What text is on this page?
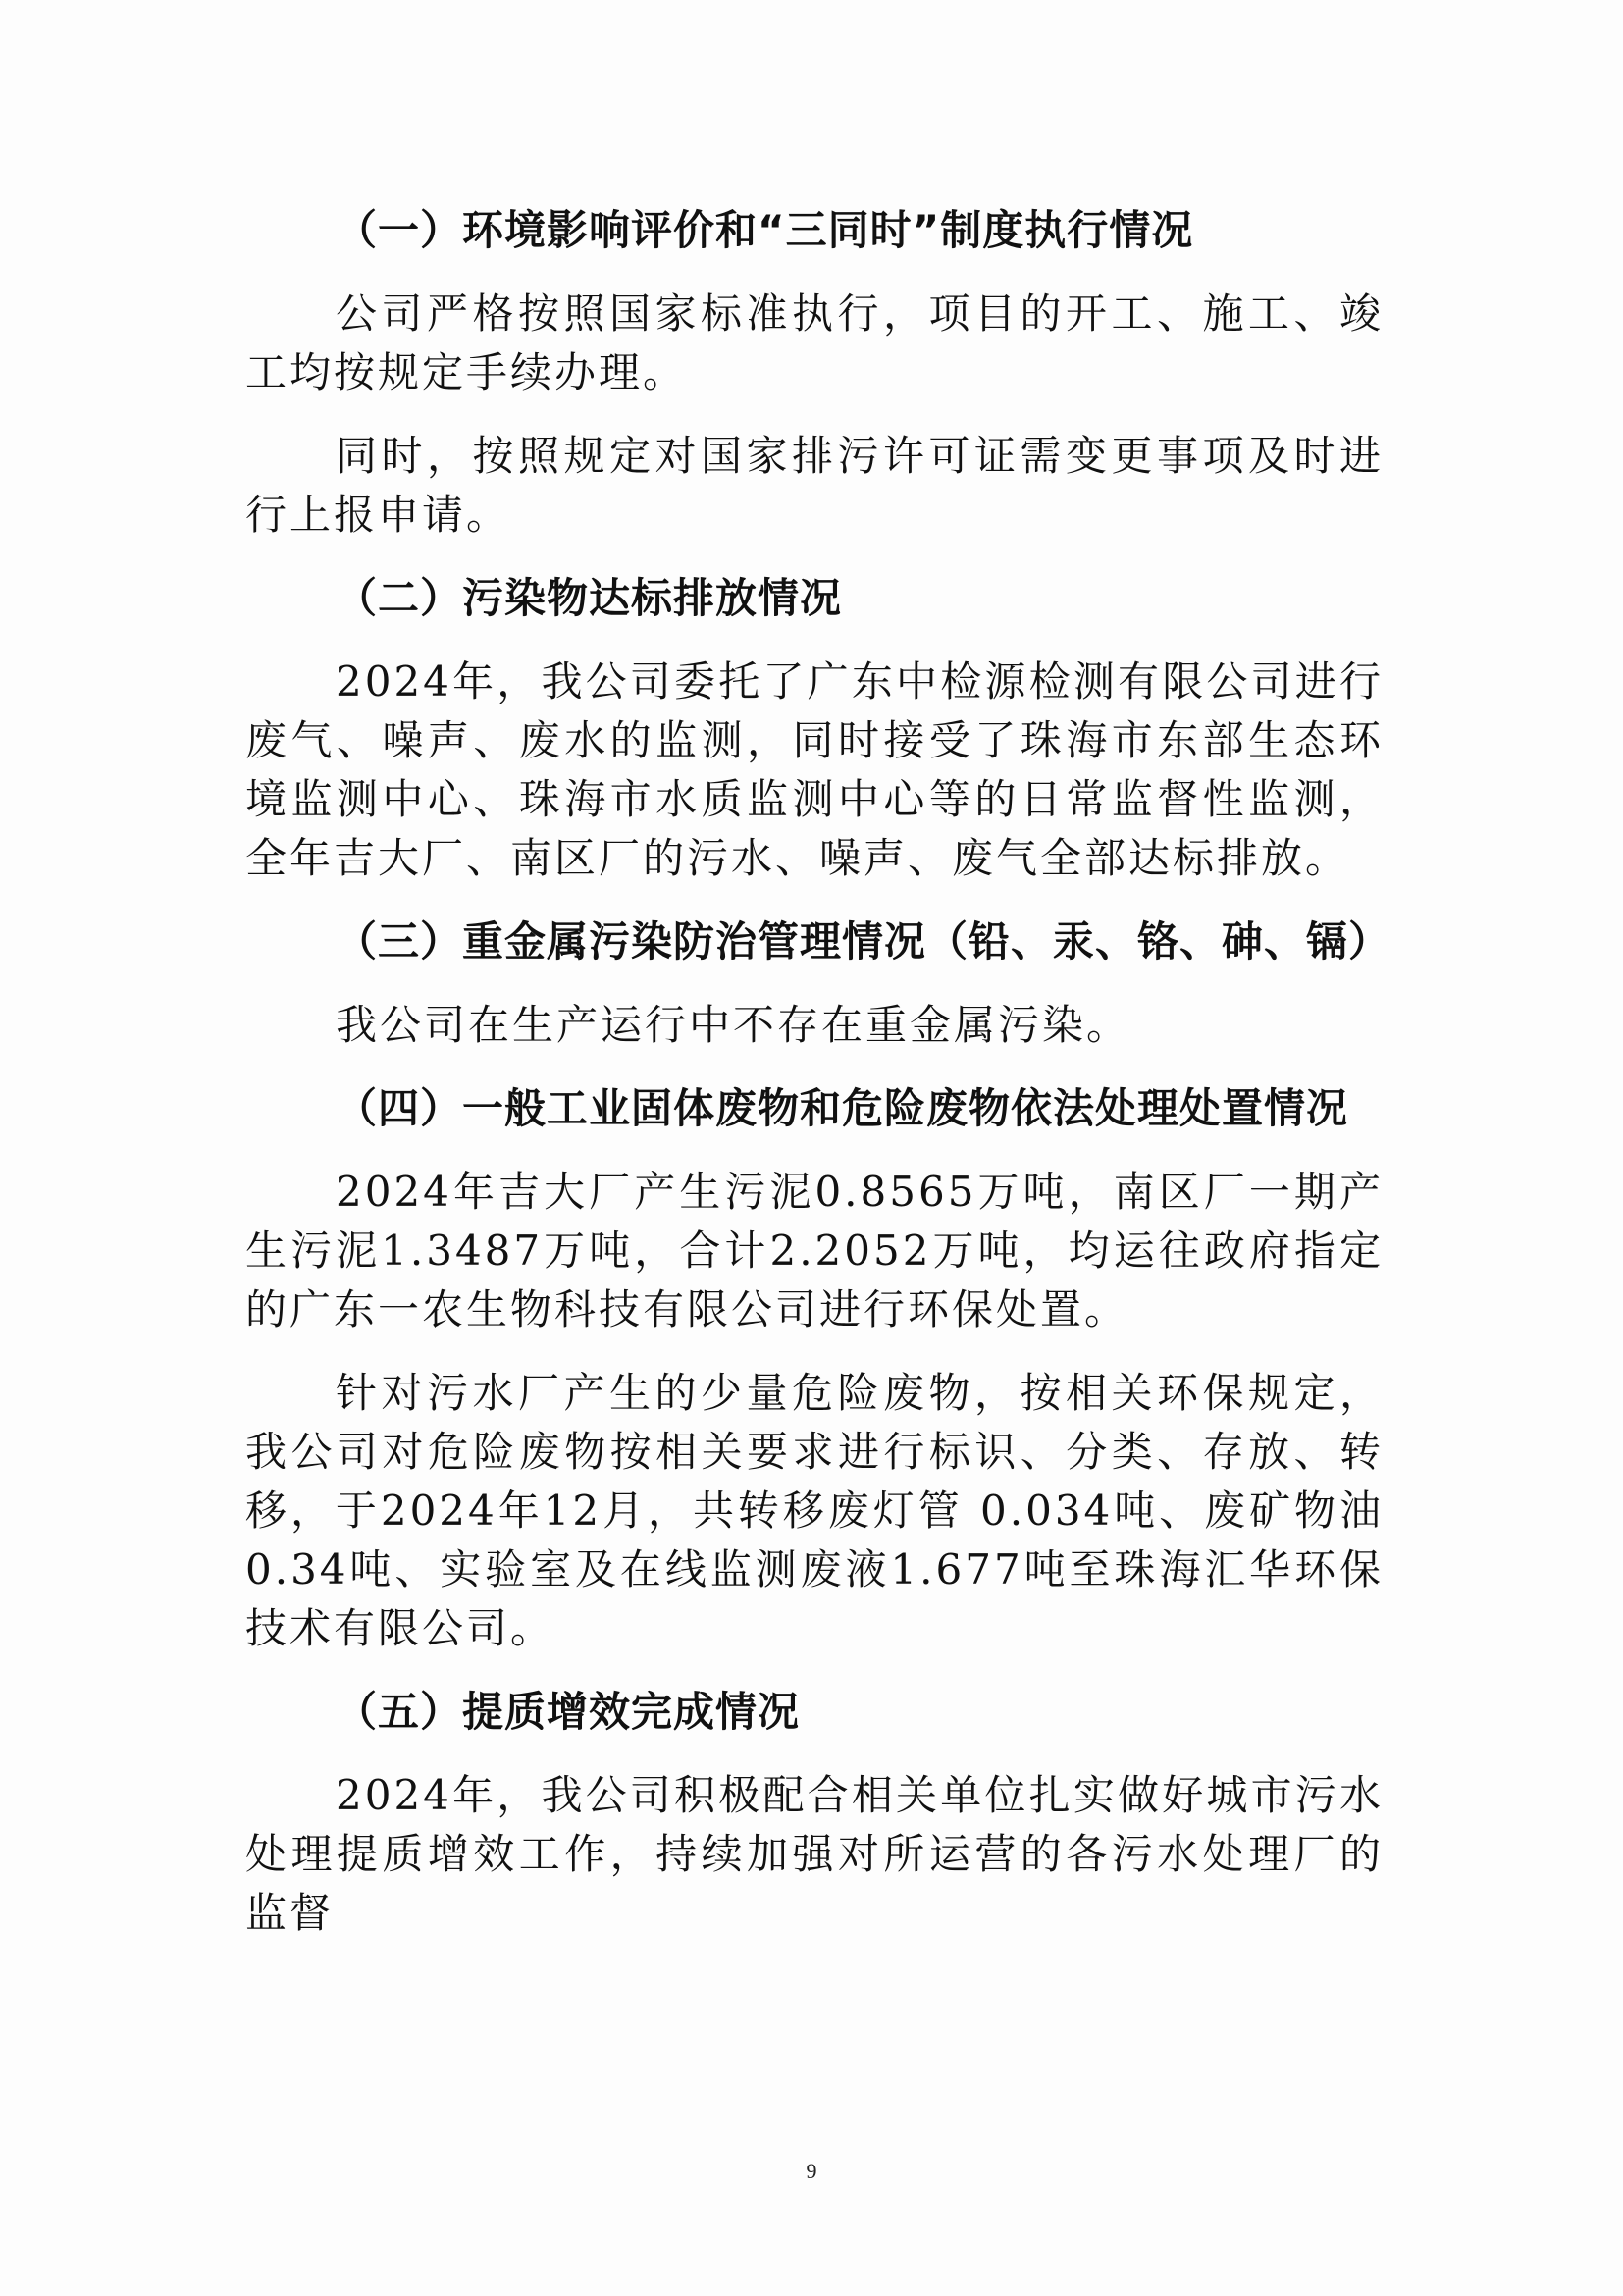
（一）环境影响评价和“三同时”制度执行情况

公司严格按照国家标准执行，项目的开工、施工、竣工均按规定手续办理。

同时，按照规定对国家排污许可证需变更事项及时进行上报申请。

（二）污染物达标排放情况

2024年，我公司委托了广东中检源检测有限公司进行废气、噪声、废水的监测，同时接受了珠海市东部生态环境监测中心、珠海市水质监测中心等的日常监督性监测，全年吉大厂、南区厂的污水、噪声、废气全部达标排放。

（三）重金属污染防治管理情况（铅、汞、铬、砷、镉）

我公司在生产运行中不存在重金属污染。

（四）一般工业固体废物和危险废物依法处理处置情况

2024年吉大厂产生污泥0.8565万吨，南区厂一期产生污泥1.3487万吨，合计2.2052万吨，均运往政府指定的广东一农生物科技有限公司进行环保处置。

针对污水厂产生的少量危险废物，按相关环保规定，我公司对危险废物按相关要求进行标识、分类、存放、转移，于2024年12月，共转移废灯管 0.034吨、废矿物油0.34吨、实验室及在线监测废液1.677吨至珠海汇华环保技术有限公司。

（五）提质增效完成情况

2024年，我公司积极配合相关单位扎实做好城市污水处理提质增效工作，持续加强对所运营的各污水处理厂的监督

9
